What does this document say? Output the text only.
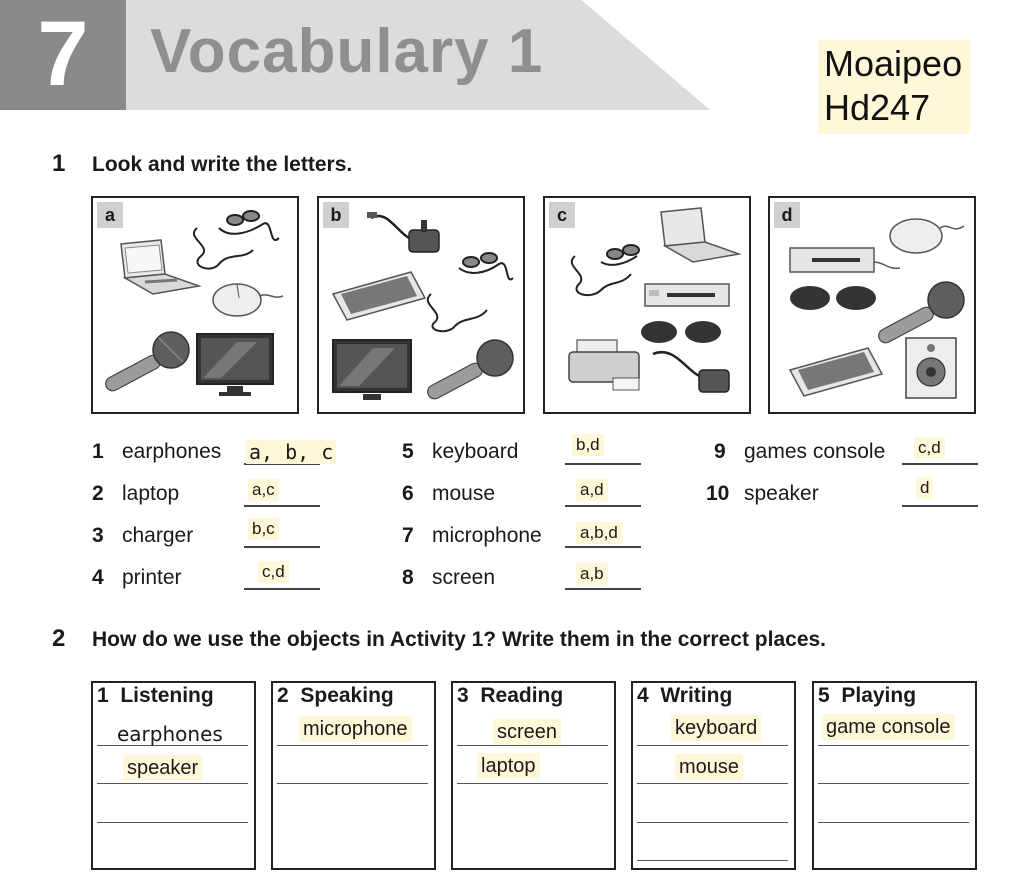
7 Vocabulary 1	Moaipeo
Hd247
1 Look and write the letters.
a	b	c	d
1 earphones a, b, c
2 laptop	a,c
3 charger	b,c
4 printer	c,d
5 keyboard	b,d
6 mouse	a,d
7 microphone a,b,d
8 screen	a,b
9 games console c,d
10 speaker	d
2 How do we use the objects in Activity 1? Write them in the correct places.
1 Listening
earphones
speaker
2 Speaking
microphone
3 Reading
screen
laptop
4 Writing
keyboard
mouse
5 Playing
game console
